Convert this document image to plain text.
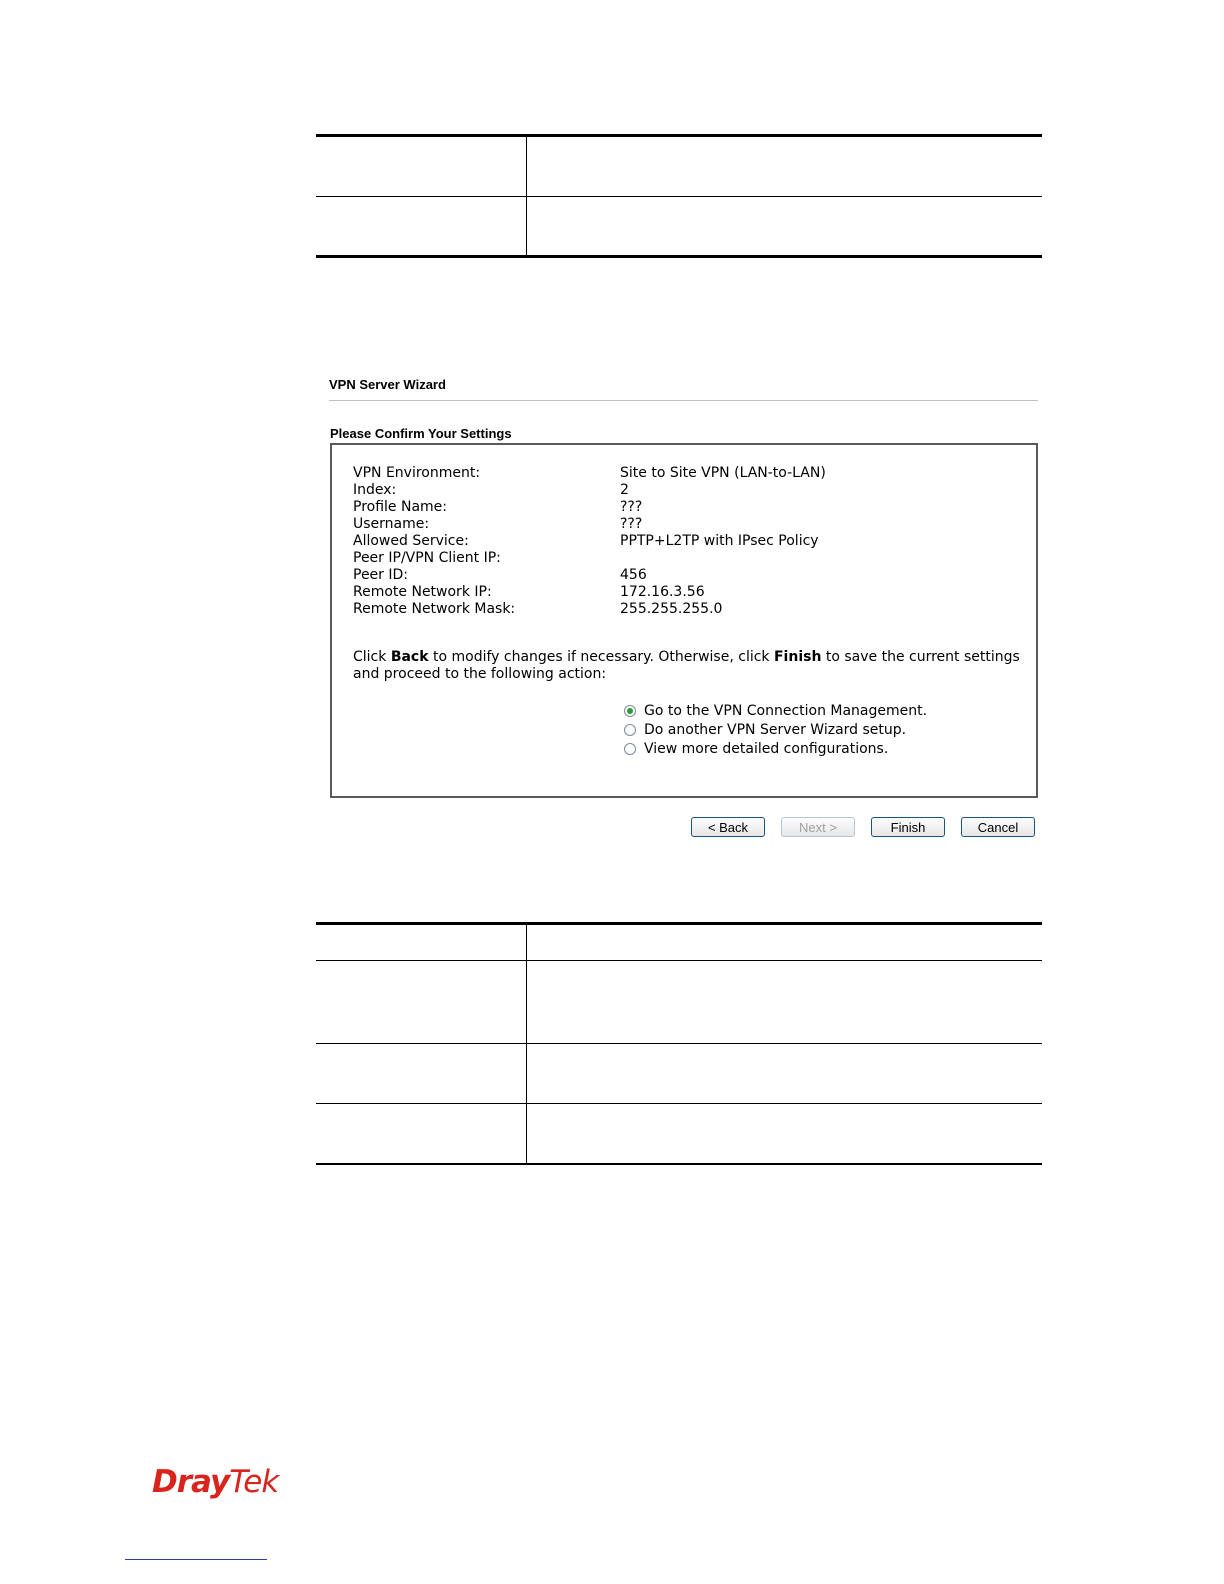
VPN Server Wizard
Please Confirm Your Settings
VPN Environment:	Site to Site VPN (LAN-to-LAN)
Index:	2
Profile Name:	???
Username:	???
Allowed Service:	PPTP+L2TP with IPsec Policy
Peer IP/VPN Client IP:
Peer ID:	456
Remote Network IP:	172.16.3.56
Remote Network Mask:	255.255.255.0
Click Back to modify changes if necessary. Otherwise, click Finish to save the current settings and proceed to the following action:
Go to the VPN Connection Management.
Do another VPN Server Wizard setup.
View more detailed configurations.
< Back	Next >	Finish	Cancel

DrayTek
